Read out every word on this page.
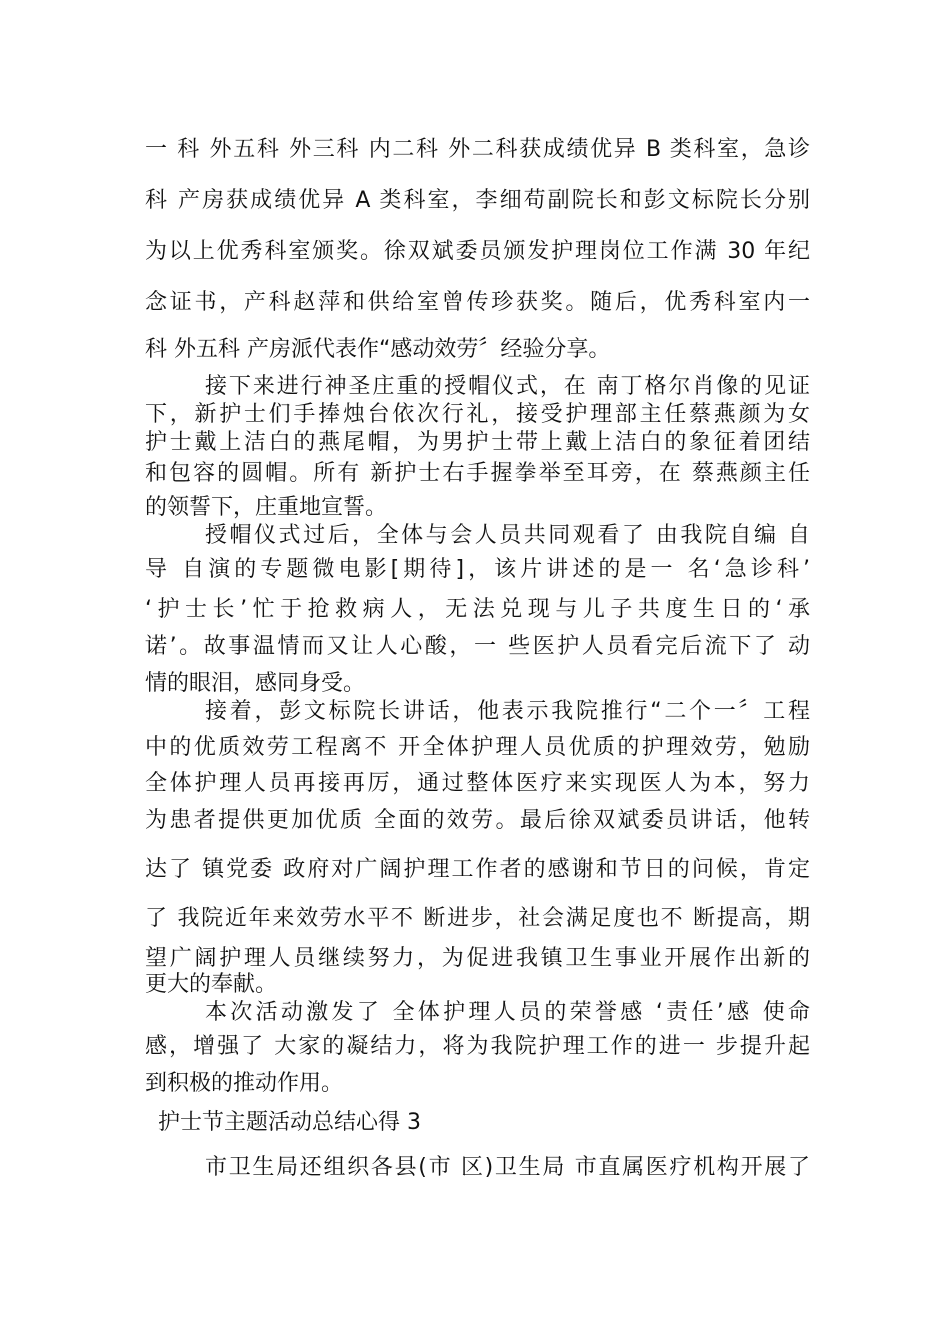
一 科 外五科 外三科 内二科 外二科获成绩优异 B 类科室，急诊
科 产房获成绩优异 A 类科室，李细苟副院长和彭文标院长分别
为以上优秀科室颁奖。徐双斌委员颁发护理岗位工作满 30 年纪
念证书，产科赵萍和供给室曾传珍获奖。随后，优秀科室内一
科 外五科 产房派代表作“感动效劳〞经验分享。
接下来进行神圣庄重的授帽仪式，在 南丁格尔肖像的见证
下，新护士们手捧烛台依次行礼，接受护理部主任蔡燕颜为女
护士戴上洁白的燕尾帽，为男护士带上戴上洁白的象征着团结
和包容的圆帽。所有 新护士右手握拳举至耳旁，在 蔡燕颜主任
的领誓下，庄重地宣誓。
授帽仪式过后，全体与会人员共同观看了 由我院自编 自
导 自演的专题微电影[期待]，该片讲述的是一 名‘急诊科’
‘护士长’忙于抢救病人，无法兑现与儿子共度生日的‘承
诺’。故事温情而又让人心酸，一 些医护人员看完后流下了 动
情的眼泪，感同身受。
接着，彭文标院长讲话，他表示我院推行“二个一〞工程
中的优质效劳工程离不 开全体护理人员优质的护理效劳，勉励
全体护理人员再接再厉，通过整体医疗来实现医人为本，努力
为患者提供更加优质 全面的效劳。最后徐双斌委员讲话，他转
达了 镇党委 政府对广阔护理工作者的感谢和节日的问候，肯定
了 我院近年来效劳水平不 断进步，社会满足度也不 断提高，期
望广阔护理人员继续努力，为促进我镇卫生事业开展作出新的
更大的奉献。
本次活动激发了 全体护理人员的荣誉感 ‘责任’感 使命
感，增强了 大家的凝结力，将为我院护理工作的进一 步提升起
到积极的推动作用。
护士节主题活动总结心得 3
市卫生局还组织各县(市 区)卫生局 市直属医疗机构开展了
